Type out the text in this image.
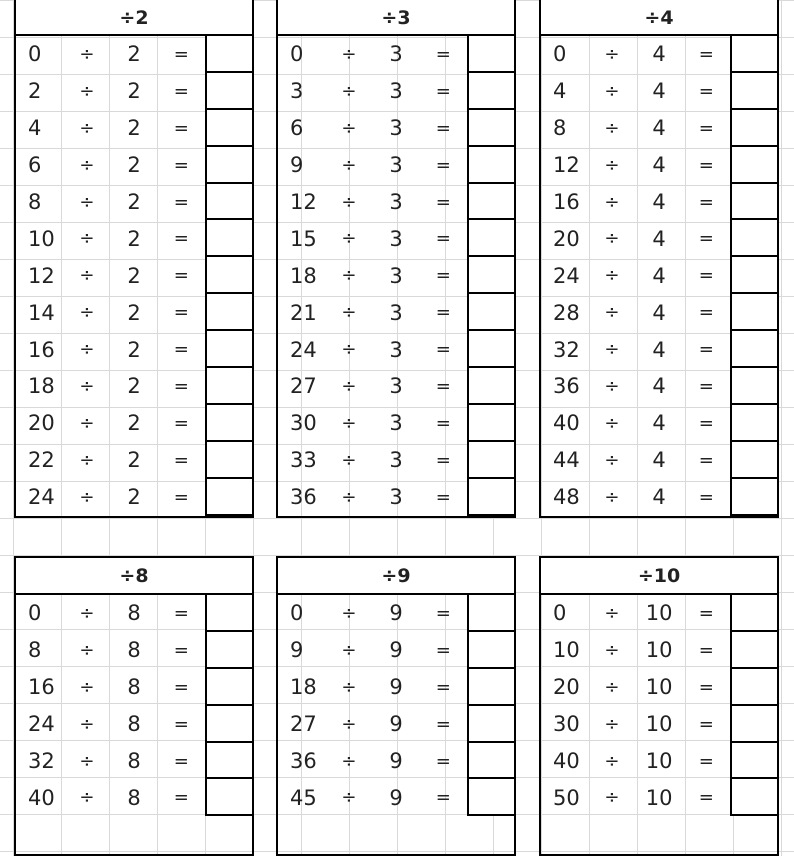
÷2
0	÷	2	=
2	÷	2	=
4	÷	2	=
6	÷	2	=
8	÷	2	=
10	÷	2	=
12	÷	2	=
14	÷	2	=
16	÷	2	=
18	÷	2	=
20	÷	2	=
22	÷	2	=
24	÷	2	=
÷3
0	÷	3	=
3	÷	3	=
6	÷	3	=
9	÷	3	=
12	÷	3	=
15	÷	3	=
18	÷	3	=
21	÷	3	=
24	÷	3	=
27	÷	3	=
30	÷	3	=
33	÷	3	=
36	÷	3	=
÷4
0	÷	4	=
4	÷	4	=
8	÷	4	=
12	÷	4	=
16	÷	4	=
20	÷	4	=
24	÷	4	=
28	÷	4	=
32	÷	4	=
36	÷	4	=
40	÷	4	=
44	÷	4	=
48	÷	4	=
÷8
0	÷	8	=
8	÷	8	=
16	÷	8	=
24	÷	8	=
32	÷	8	=
40	÷	8	=
÷9
0	÷	9	=
9	÷	9	=
18	÷	9	=
27	÷	9	=
36	÷	9	=
45	÷	9	=
÷10
0	÷	10	=
10	÷	10	=
20	÷	10	=
30	÷	10	=
40	÷	10	=
50	÷	10	=
